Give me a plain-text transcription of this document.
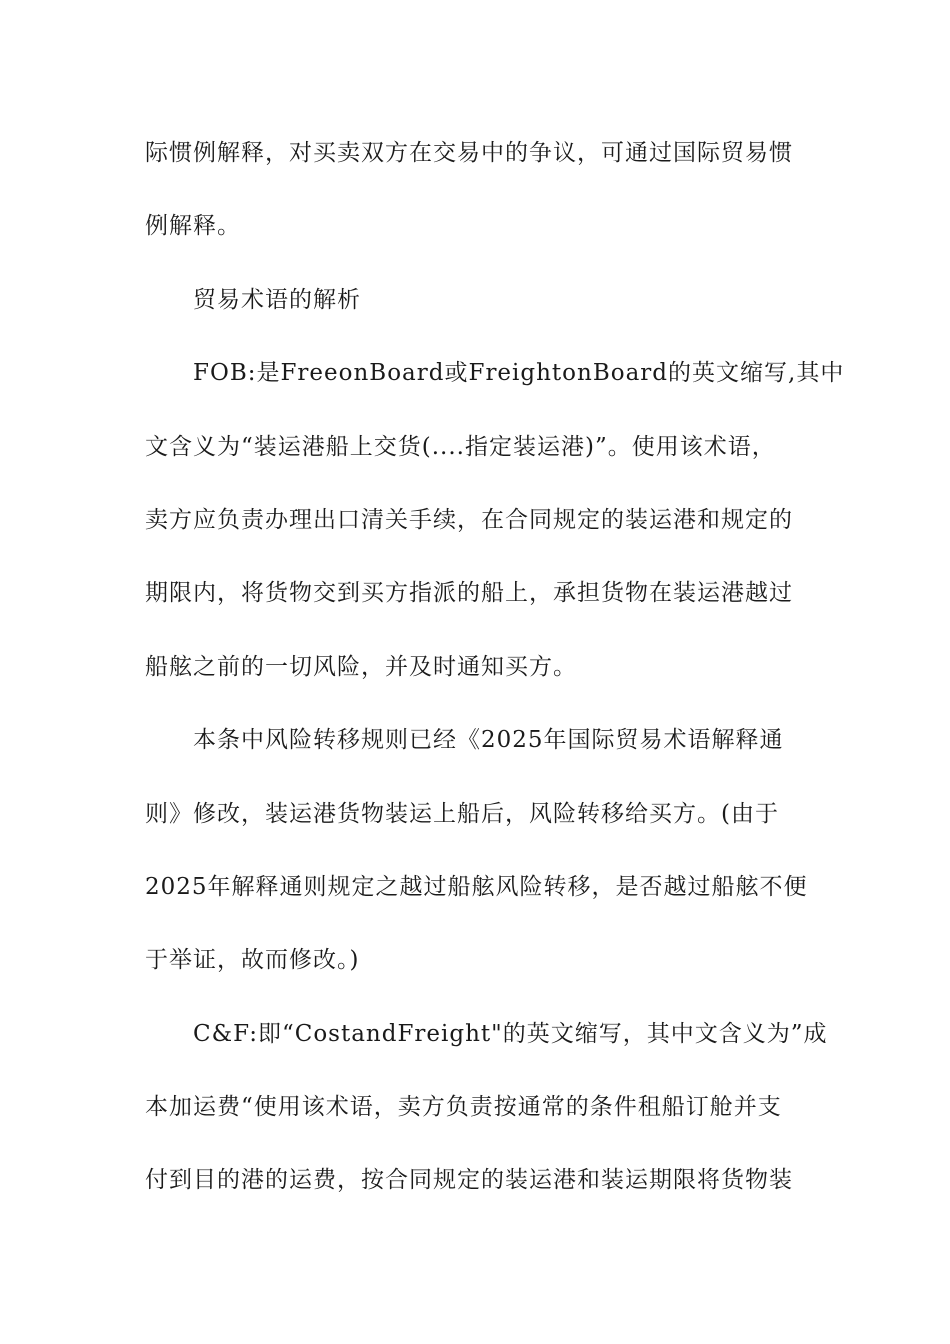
际惯例解释，对买卖双方在交易中的争议，可通过国际贸易惯
例解释。
贸易术语的解析
FOB:是FreeonBoard或FreightonBoard的英文缩写,其中
文含义为“装运港船上交货(....指定装运港)”。使用该术语，
卖方应负责办理出口清关手续，在合同规定的装运港和规定的
期限内，将货物交到买方指派的船上，承担货物在装运港越过
船舷之前的一切风险，并及时通知买方。
本条中风险转移规则已经《2025年国际贸易术语解释通
则》修改，装运港货物装运上船后，风险转移给买方。(由于
2025年解释通则规定之越过船舷风险转移，是否越过船舷不便
于举证，故而修改。)
C&F:即“CostandFreight"的英文缩写，其中文含义为”成
本加运费“使用该术语，卖方负责按通常的条件租船订舱并支
付到目的港的运费，按合同规定的装运港和装运期限将货物装
